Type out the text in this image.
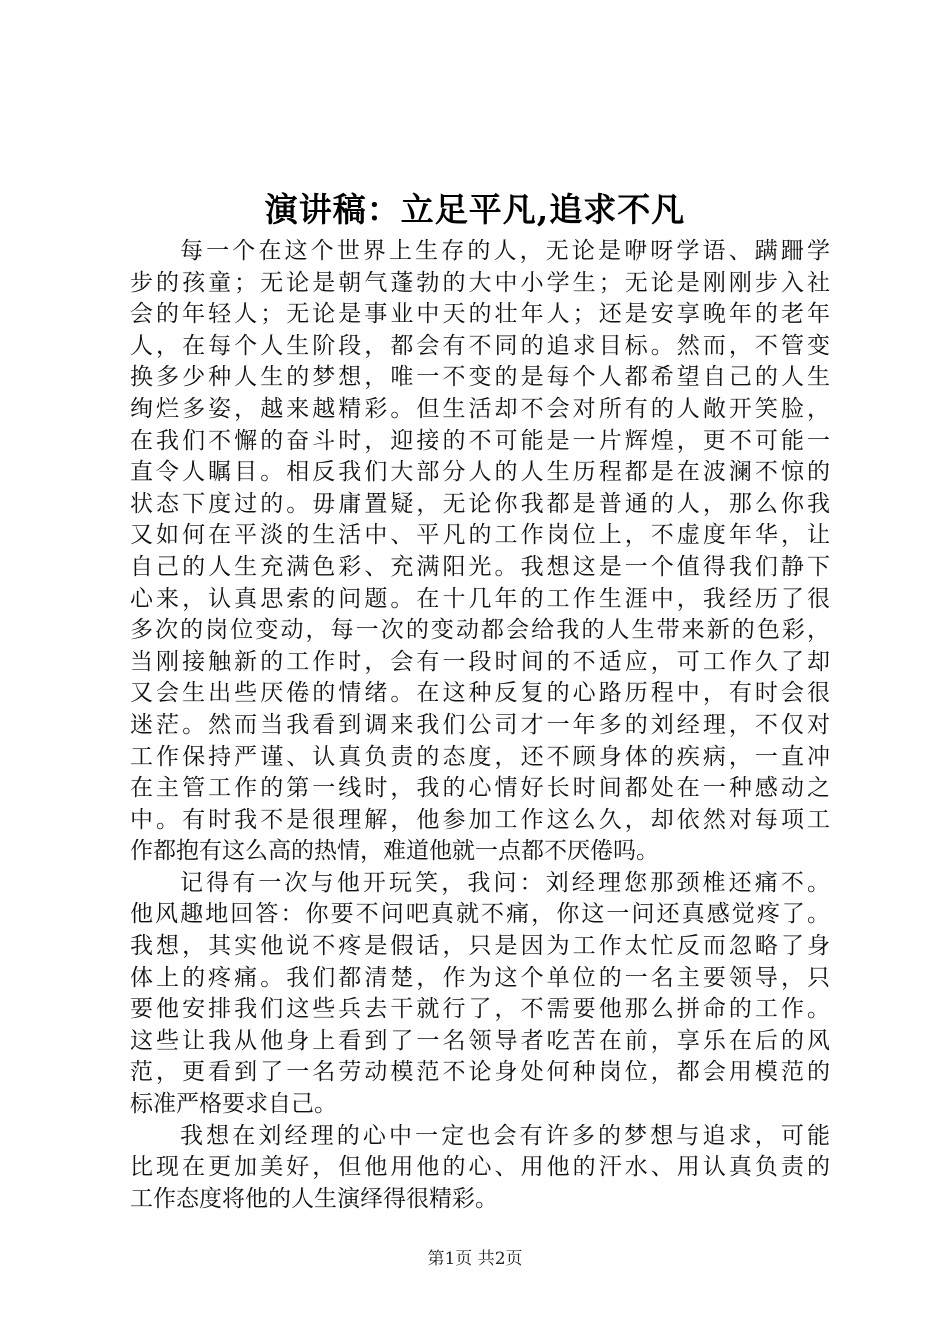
演讲稿：立足平凡,追求不凡
每一个在这个世界上生存的人，无论是咿呀学语、蹒跚学
步的孩童；无论是朝气蓬勃的大中小学生；无论是刚刚步入社
会的年轻人；无论是事业中天的壮年人；还是安享晚年的老年
人，在每个人生阶段，都会有不同的追求目标。然而，不管变
换多少种人生的梦想，唯一不变的是每个人都希望自己的人生
绚烂多姿，越来越精彩。但生活却不会对所有的人敞开笑脸，
在我们不懈的奋斗时，迎接的不可能是一片辉煌，更不可能一
直令人瞩目。相反我们大部分人的人生历程都是在波澜不惊的
状态下度过的。毋庸置疑，无论你我都是普通的人，那么你我
又如何在平淡的生活中、平凡的工作岗位上，不虚度年华，让
自己的人生充满色彩、充满阳光。我想这是一个值得我们静下
心来，认真思索的问题。在十几年的工作生涯中，我经历了很
多次的岗位变动，每一次的变动都会给我的人生带来新的色彩，
当刚接触新的工作时，会有一段时间的不适应，可工作久了却
又会生出些厌倦的情绪。在这种反复的心路历程中，有时会很
迷茫。然而当我看到调来我们公司才一年多的刘经理，不仅对
工作保持严谨、认真负责的态度，还不顾身体的疾病，一直冲
在主管工作的第一线时，我的心情好长时间都处在一种感动之
中。有时我不是很理解，他参加工作这么久，却依然对每项工
作都抱有这么高的热情，难道他就一点都不厌倦吗。
记得有一次与他开玩笑，我问：刘经理您那颈椎还痛不。
他风趣地回答：你要不问吧真就不痛，你这一问还真感觉疼了。
我想，其实他说不疼是假话，只是因为工作太忙反而忽略了身
体上的疼痛。我们都清楚，作为这个单位的一名主要领导，只
要他安排我们这些兵去干就行了，不需要他那么拼命的工作。
这些让我从他身上看到了一名领导者吃苦在前，享乐在后的风
范，更看到了一名劳动模范不论身处何种岗位，都会用模范的
标准严格要求自己。
我想在刘经理的心中一定也会有许多的梦想与追求，可能
比现在更加美好，但他用他的心、用他的汗水、用认真负责的
工作态度将他的人生演绎得很精彩。
第1页 共2页
